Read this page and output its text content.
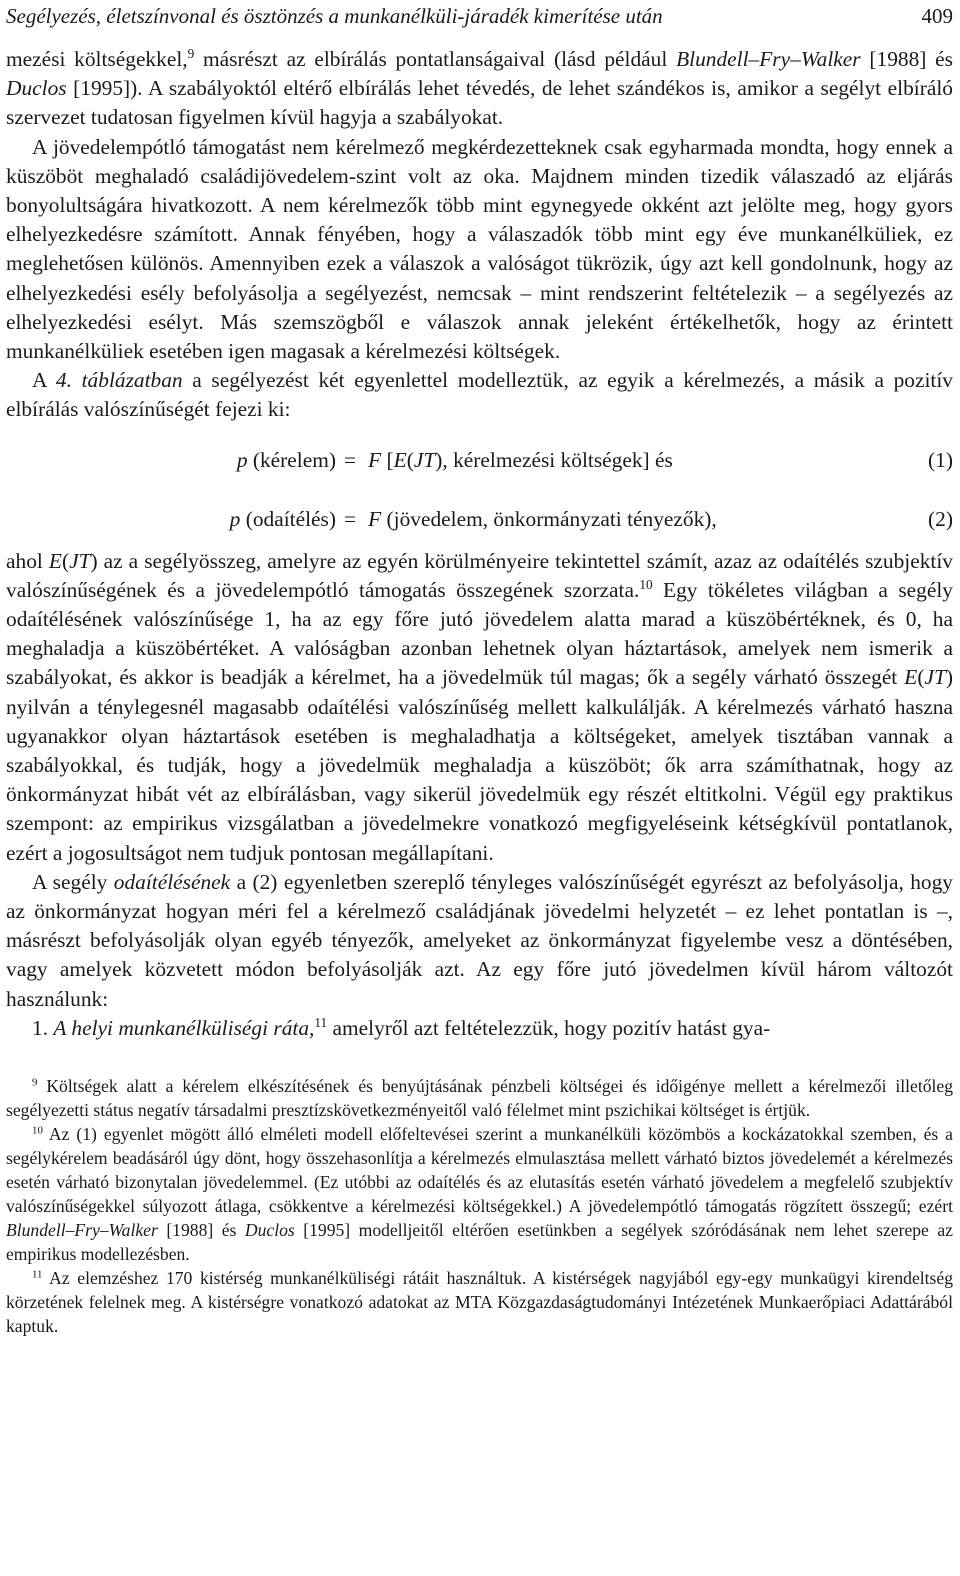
Segélyezés, életszínvonal és ösztönzés a munkanélküli-járadék kimerítése után	409

mezési költségekkel,$^9$ másrészt az elbírálás pontatlanságaival (lásd például Blundell–Fry–Walker [1988] és Duclos [1995]). A szabályoktól eltérő elbírálás lehet tévedés, de lehet szándékos is, amikor a segélyt elbíráló szervezet tudatosan figyelmen kívül hagyja a szabályokat.

A jövedelempótló támogatást nem kérelmező megkérdezetteknek csak egyharmada mondta, hogy ennek a küszöböt meghaladó családijövedelem-szint volt az oka. Majdnem minden tizedik válaszadó az eljárás bonyolultságára hivatkozott. A nem kérelmezők több mint egynegyede okként azt jelölte meg, hogy gyors elhelyezkedésre számított. Annak fényében, hogy a válaszadók több mint egy éve munkanélküliek, ez meglehetősen különös. Amennyiben ezek a válaszok a valóságot tükrözik, úgy azt kell gondolnunk, hogy az elhelyezkedési esély befolyásolja a segélyezést, nemcsak – mint rendszerint feltételezik – a segélyezés az elhelyezkedési esélyt. Más szemszögből e válaszok annak jeleként értékelhetők, hogy az érintett munkanélküliek esetében igen magasak a kérelmezési költségek.

A 4. táblázatban a segélyezést két egyenlettel modelleztük, az egyik a kérelmezés, a másik a pozitív elbírálás valószínűségét fejezi ki:

p (kérelem) = F [E(JT), kérelmezési költségek] és	(1)
p (odaítélés) = F (jövedelem, önkormányzati tényezők),	(2)

ahol E(JT) az a segélyösszeg, amelyre az egyén körülményeire tekintettel számít, azaz az odaítélés szubjektív valószínűségének és a jövedelempótló támogatás összegének szorzata.$^{10}$ Egy tökéletes világban a segély odaítélésének valószínűsége 1, ha az egy főre jutó jövedelem alatta marad a küszöbértéknek, és 0, ha meghaladja a küszöbértéket. A valóságban azonban lehetnek olyan háztartások, amelyek nem ismerik a szabályokat, és akkor is beadják a kérelmet, ha a jövedelmük túl magas; ők a segély várható összegét E(JT) nyilván a ténylegesnél magasabb odaítélési valószínűség mellett kalkulálják. A kérelmezés várható haszna ugyanakkor olyan háztartások esetében is meghaladhatja a költségeket, amelyek tisztában vannak a szabályokkal, és tudják, hogy a jövedelmük meghaladja a küszöböt; ők arra számíthatnak, hogy az önkormányzat hibát vét az elbírálásban, vagy sikerül jövedelmük egy részét eltitkolni. Végül egy praktikus szempont: az empirikus vizsgálatban a jövedelmekre vonatkozó megfigyeléseink kétségkívül pontatlanok, ezért a jogosultságot nem tudjuk pontosan megállapítani.

A segély odaítélésének a (2) egyenletben szereplő tényleges valószínűségét egyrészt az befolyásolja, hogy az önkormányzat hogyan méri fel a kérelmező családjának jövedelmi helyzetét – ez lehet pontatlan is –, másrészt befolyásolják olyan egyéb tényezők, amelyeket az önkormányzat figyelembe vesz a döntésében, vagy amelyek közvetett módon befolyásolják azt. Az egy főre jutó jövedelmen kívül három változót használunk:

1. A helyi munkanélküliségi ráta,$^{11}$ amelyről azt feltételezzük, hogy pozitív hatást gya-

$^9$ Költségek alatt a kérelem elkészítésének és benyújtásának pénzbeli költségei és időigénye mellett a kérelmezői illetőleg segélyezetti státus negatív társadalmi presztízskövetkezményeitől való félelmet mint pszichikai költséget is értjük.

$^{10}$ Az (1) egyenlet mögött álló elméleti modell előfeltevései szerint a munkanélküli közömbös a kockázatokkal szemben, és a segélykérelem beadásáról úgy dönt, hogy összehasonlítja a kérelmezés elmulasztása mellett várható biztos jövedelemét a kérelmezés esetén várható bizonytalan jövedelemmel. (Ez utóbbi az odaítélés és az elutasítás esetén várható jövedelem a megfelelő szubjektív valószínűségekkel súlyozott átlaga, csökkentve a kérelmezési költségekkel.) A jövedelempótló támogatás rögzített összegű; ezért Blundell–Fry–Walker [1988] és Duclos [1995] modelljeitől eltérően esetünkben a segélyek szóródásának nem lehet szerepe az empirikus modellezésben.

$^{11}$ Az elemzéshez 170 kistérség munkanélküliségi rátáit használtuk. A kistérségek nagyjából egy-egy munkaügyi kirendeltség körzetének felelnek meg. A kistérségre vonatkozó adatokat az MTA Közgazdaságtudományi Intézetének Munkaerőpiaci Adattárából kaptuk.
